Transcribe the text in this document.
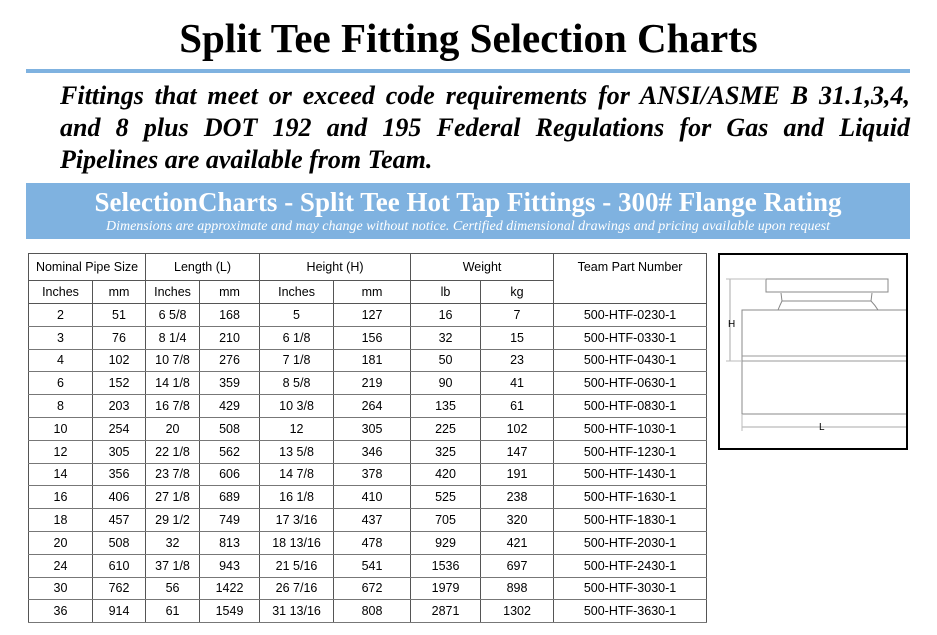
Split Tee Fitting Selection Charts
Fittings that meet or exceed code requirements for ANSI/ASME B 31.1,3,4, and 8 plus DOT 192 and 195 Federal Regulations for Gas and Liquid Pipelines are available from Team.
SelectionCharts - Split Tee Hot Tap Fittings - 300# Flange Rating
Dimensions are approximate and may change without notice. Certified dimensional drawings and pricing available upon request
Nominal Pipe Size		Length (L)		Height (H)		Weight		Team Part Number
Inches	mm	Inches	mm	Inches	mm	lb	kg	
2	51	6 5/8	168	5	127	16	7	500-HTF-0230-1
3	76	8 1/4	210	6 1/8	156	32	15	500-HTF-0330-1
4	102	10 7/8	276	7 1/8	181	50	23	500-HTF-0430-1
6	152	14 1/8	359	8 5/8	219	90	41	500-HTF-0630-1
8	203	16 7/8	429	10 3/8	264	135	61	500-HTF-0830-1
10	254	20	508	12	305	225	102	500-HTF-1030-1
12	305	22 1/8	562	13 5/8	346	325	147	500-HTF-1230-1
14	356	23 7/8	606	14 7/8	378	420	191	500-HTF-1430-1
16	406	27 1/8	689	16 1/8	410	525	238	500-HTF-1630-1
18	457	29 1/2	749	17 3/16	437	705	320	500-HTF-1830-1
20	508	32	813	18 13/16	478	929	421	500-HTF-2030-1
24	610	37 1/8	943	21 5/16	541	1536	697	500-HTF-2430-1
30	762	56	1422	26 7/16	672	1979	898	500-HTF-3030-1
36	914	61	1549	31 13/16	808	2871	1302	500-HTF-3630-1
H
L
